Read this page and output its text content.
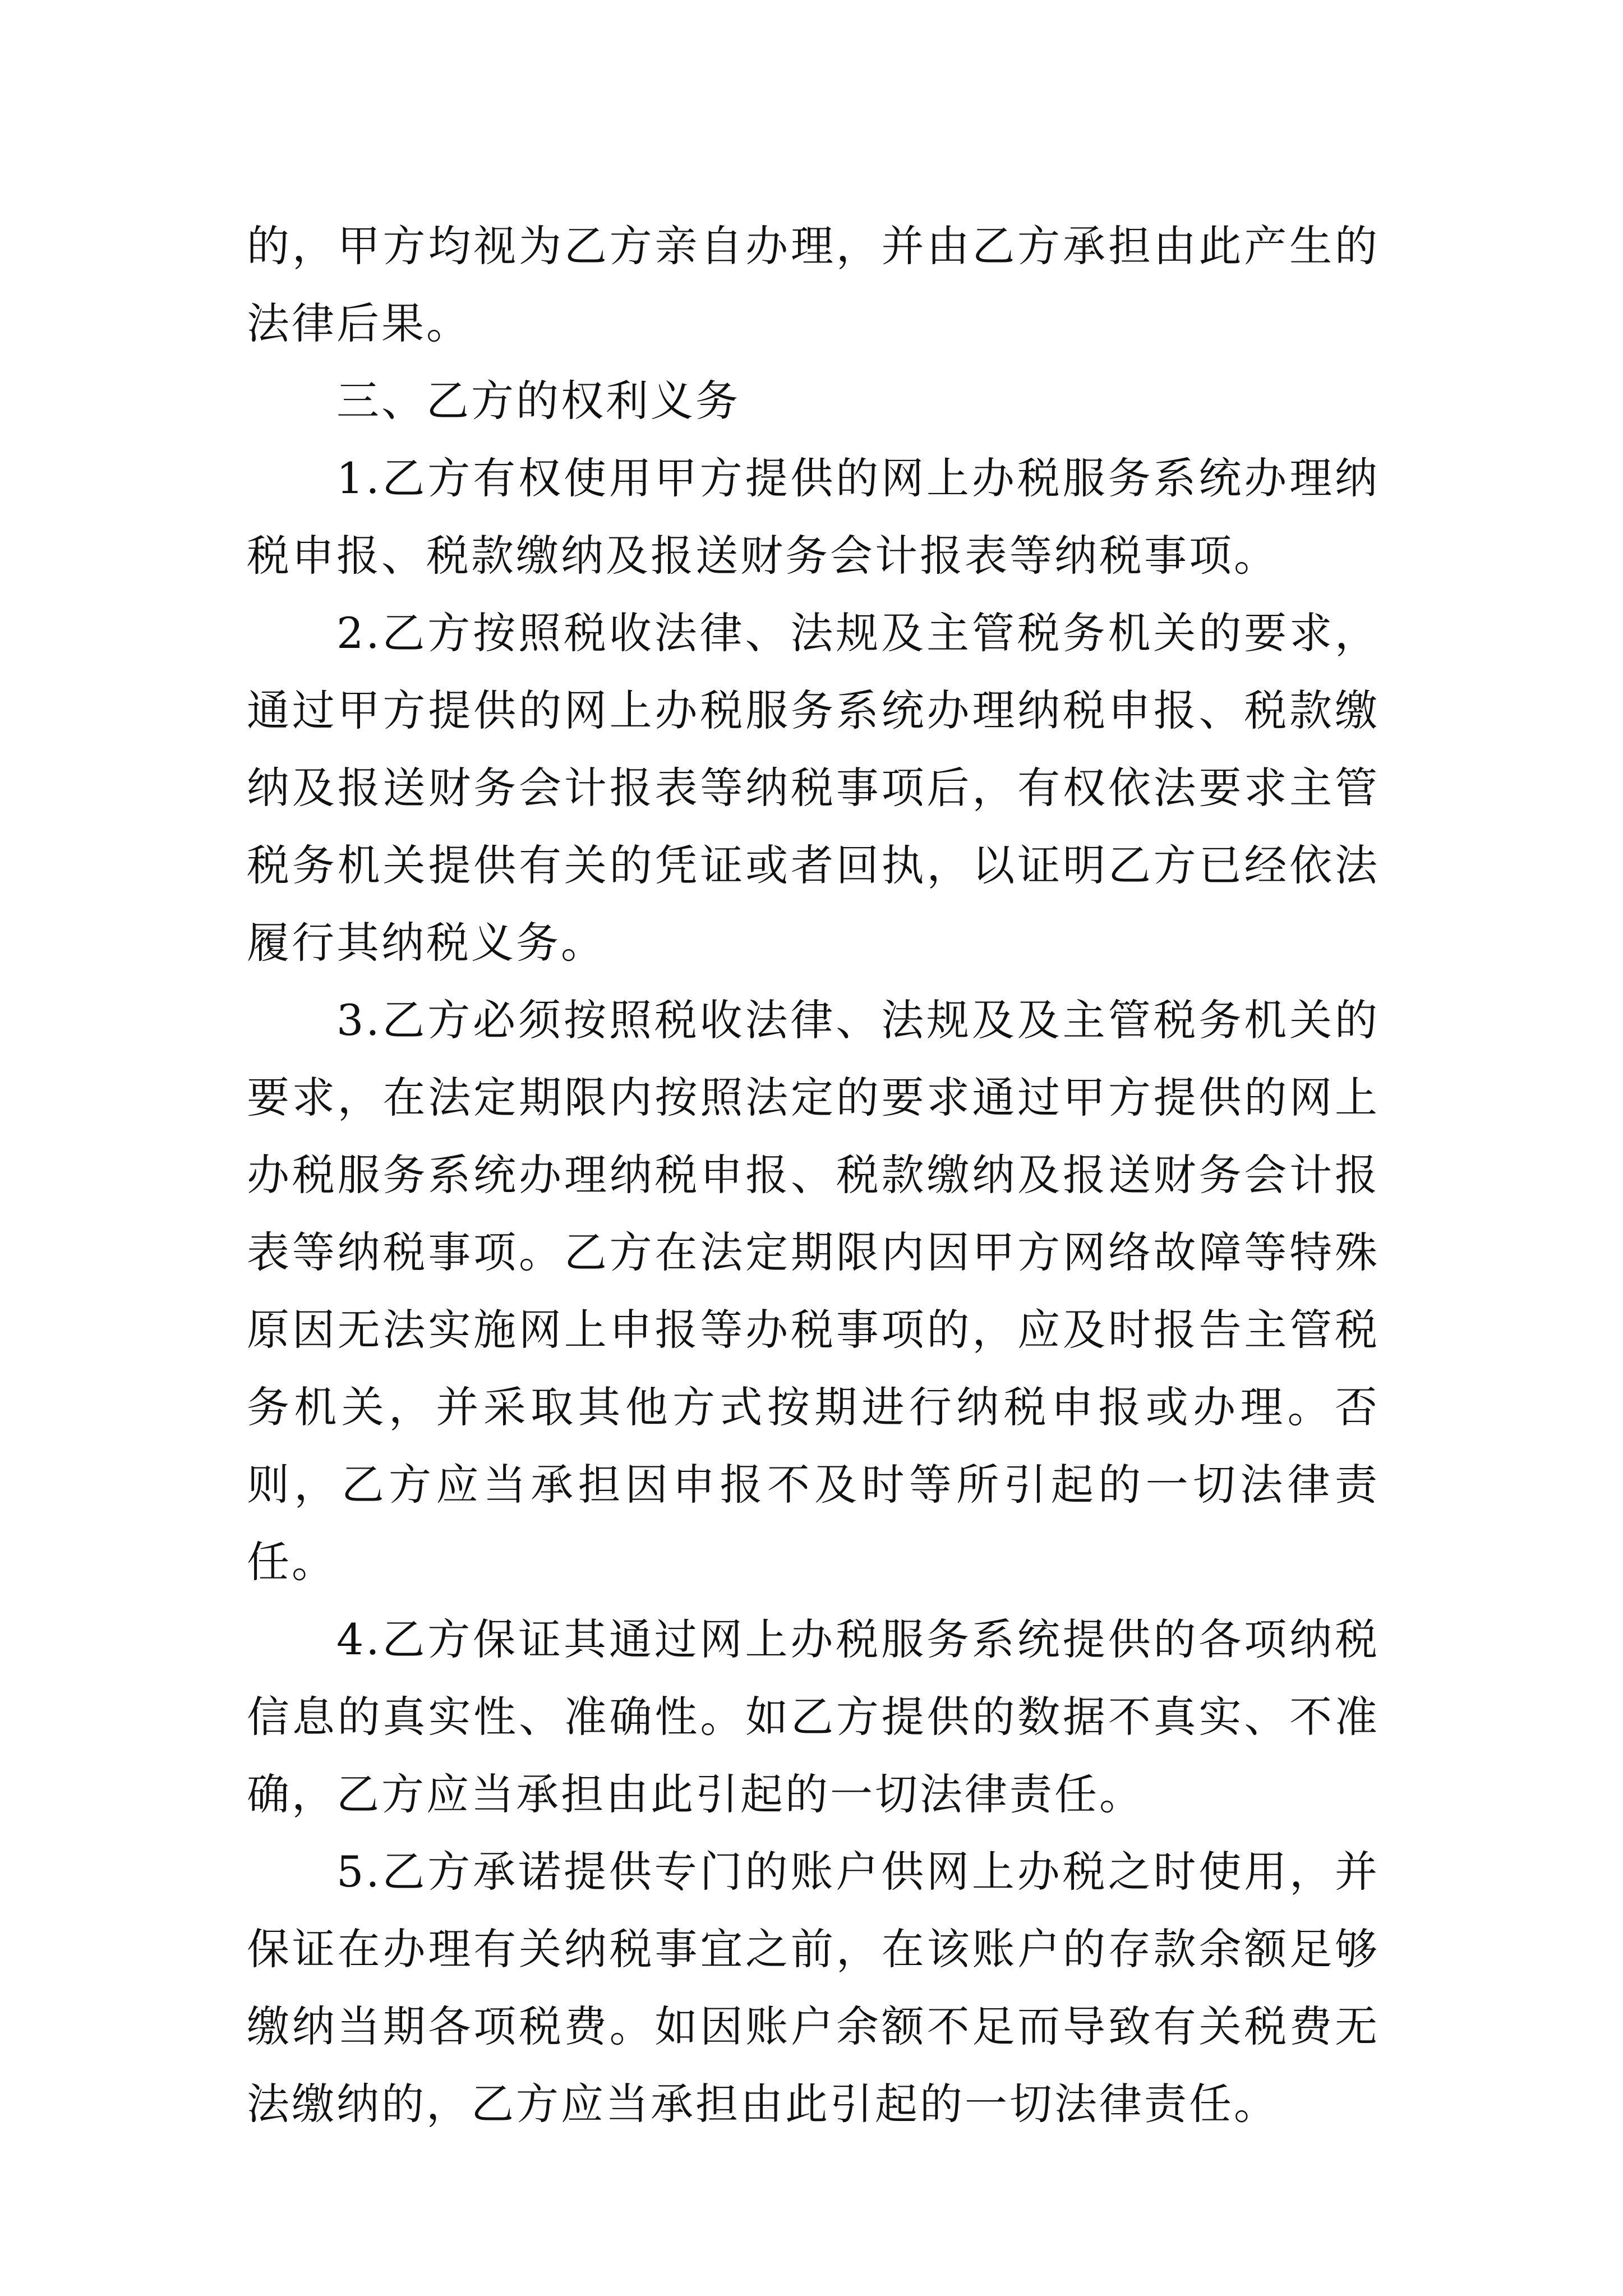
的，甲方均视为乙方亲自办理，并由乙方承担由此产生的法律后果。

三、乙方的权利义务

1.乙方有权使用甲方提供的网上办税服务系统办理纳税申报、税款缴纳及报送财务会计报表等纳税事项。

2.乙方按照税收法律、法规及主管税务机关的要求，通过甲方提供的网上办税服务系统办理纳税申报、税款缴纳及报送财务会计报表等纳税事项后，有权依法要求主管税务机关提供有关的凭证或者回执，以证明乙方已经依法履行其纳税义务。

3.乙方必须按照税收法律、法规及及主管税务机关的要求，在法定期限内按照法定的要求通过甲方提供的网上办税服务系统办理纳税申报、税款缴纳及报送财务会计报表等纳税事项。乙方在法定期限内因甲方网络故障等特殊原因无法实施网上申报等办税事项的，应及时报告主管税务机关，并采取其他方式按期进行纳税申报或办理。否则，乙方应当承担因申报不及时等所引起的一切法律责任。

4.乙方保证其通过网上办税服务系统提供的各项纳税信息的真实性、准确性。如乙方提供的数据不真实、不准确，乙方应当承担由此引起的一切法律责任。

5.乙方承诺提供专门的账户供网上办税之时使用，并保证在办理有关纳税事宜之前，在该账户的存款余额足够缴纳当期各项税费。如因账户余额不足而导致有关税费无法缴纳的，乙方应当承担由此引起的一切法律责任。
